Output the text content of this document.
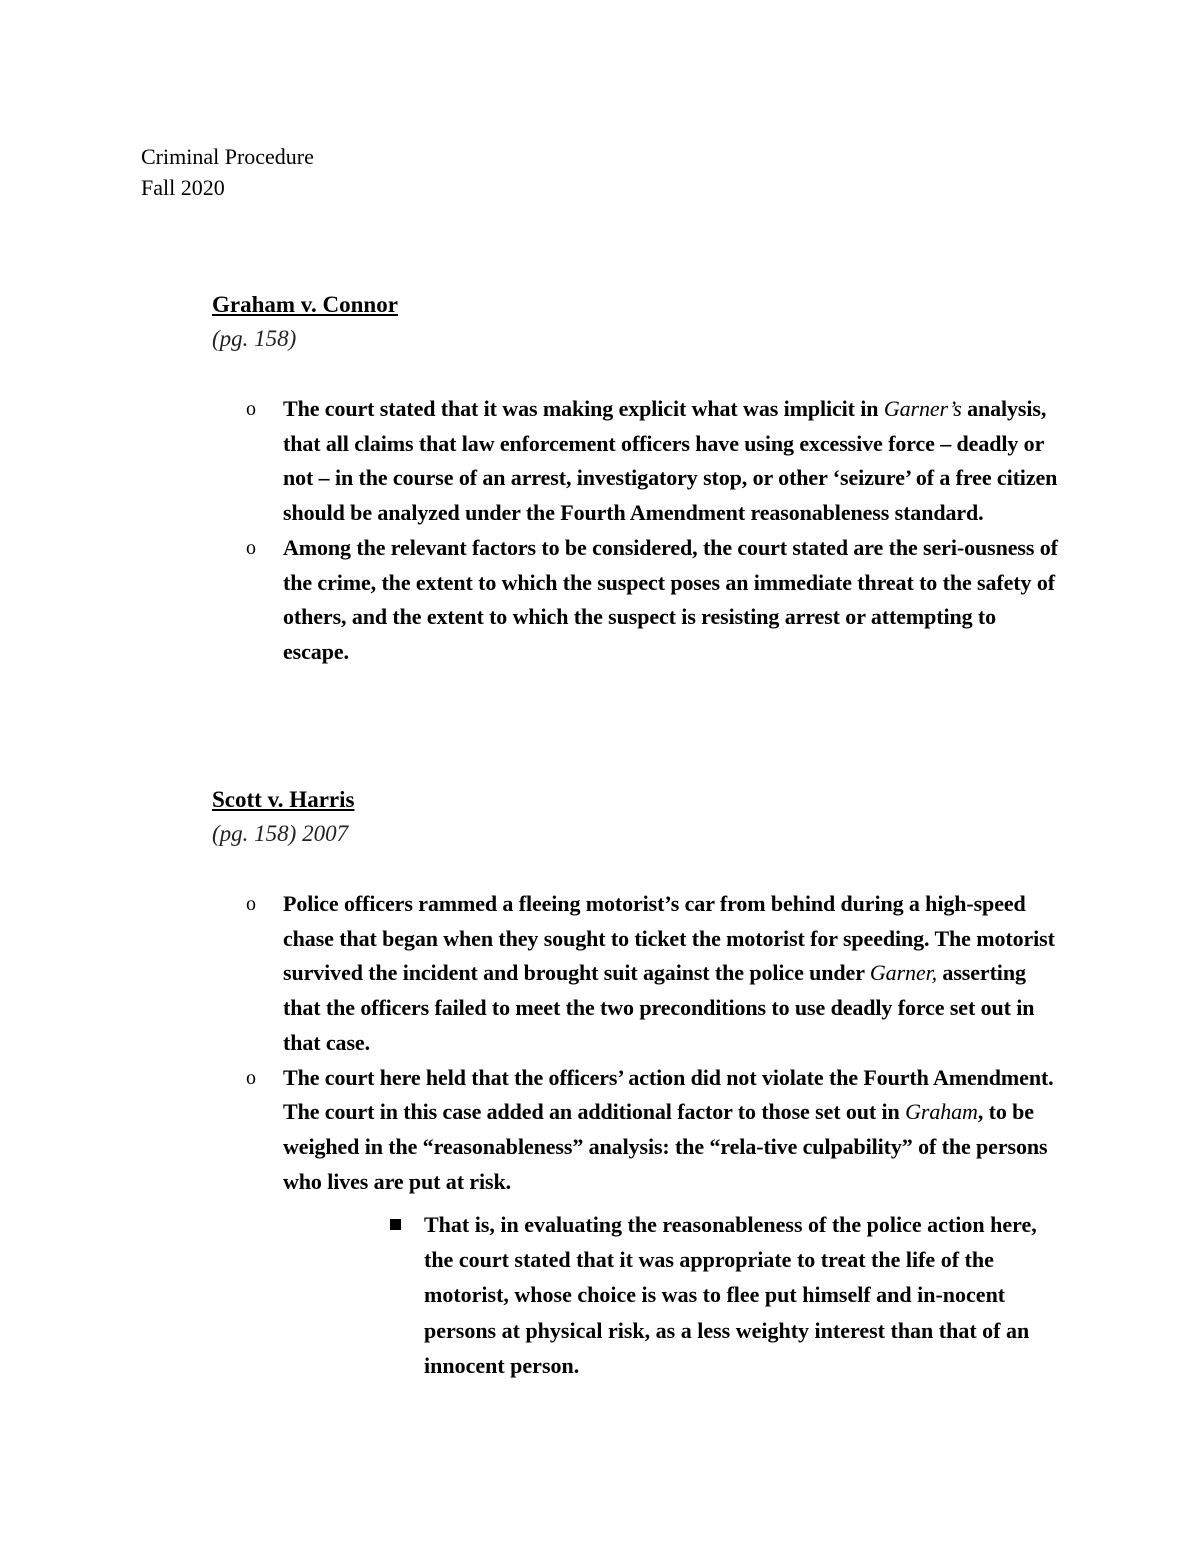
Criminal Procedure
Fall 2020
Graham v. Connor
(pg. 158)
o The court stated that it was making explicit what was implicit in Garner’s analysis, that all claims that law enforcement officers have using excessive force – deadly or not – in the course of an arrest, investigatory stop, or other ‘seizure’ of a free citizen should be analyzed under the Fourth Amendment reasonableness standard.
o Among the relevant factors to be considered, the court stated are the seri-ousness of the crime, the extent to which the suspect poses an immediate threat to the safety of others, and the extent to which the suspect is resisting arrest or attempting to escape.
Scott v. Harris
(pg. 158) 2007
o Police officers rammed a fleeing motorist’s car from behind during a high-speed chase that began when they sought to ticket the motorist for speeding. The motorist survived the incident and brought suit against the police under Garner, asserting that the officers failed to meet the two preconditions to use deadly force set out in that case.
o The court here held that the officers’ action did not violate the Fourth Amendment. The court in this case added an additional factor to those set out in Graham, to be weighed in the “reasonableness” analysis: the “rela-tive culpability” of the persons who lives are put at risk.
That is, in evaluating the reasonableness of the police action here, the court stated that it was appropriate to treat the life of the motorist, whose choice is was to flee put himself and in-nocent persons at physical risk, as a less weighty interest than that of an innocent person.
